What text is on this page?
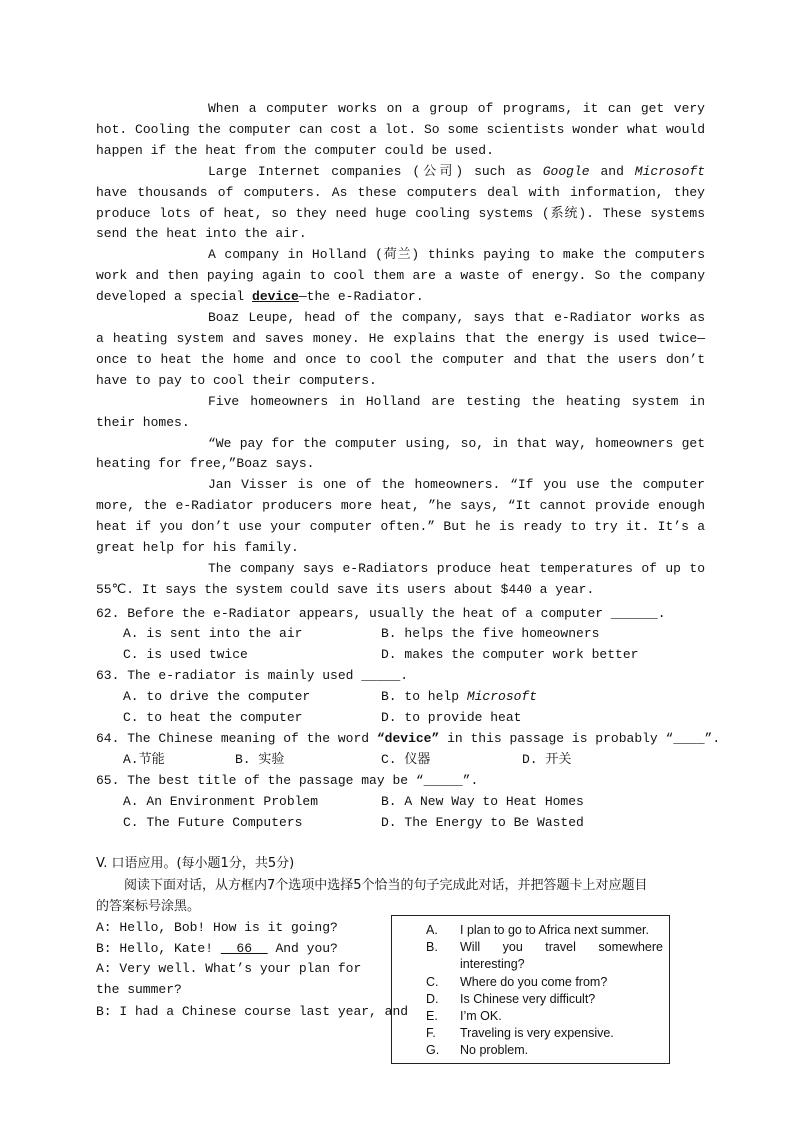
When a computer works on a group of programs, it can get very hot. Cooling the computer can cost a lot. So some scientists wonder what would happen if the heat from the computer could be used.

Large Internet companies (公司) such as Google and Microsoft have thousands of computers. As these computers deal with information, they produce lots of heat, so they need huge cooling systems (系统). These systems send the heat into the air.

A company in Holland (荷兰) thinks paying to make the computers work and then paying again to cool them are a waste of energy. So the company developed a special device—the e-Radiator.

Boaz Leupe, head of the company, says that e-Radiator works as a heating system and saves money. He explains that the energy is used twice— once to heat the home and once to cool the computer and that the users don’t have to pay to cool their computers.

Five homeowners in Holland are testing the heating system in their homes.

“We pay for the computer using, so, in that way, homeowners get heating for free,”Boaz says.

Jan Visser is one of the homeowners. “If you use the computer more, the e-Radiator producers more heat, ”he says, “It cannot provide enough heat if you don’t use your computer often.” But he is ready to try it. It’s a great help for his family.

The company says e-Radiators produce heat temperatures of up to 55℃. It says the system could save its users about $440 a year.

62. Before the e-Radiator appears, usually the heat of a computer ______.
A. is sent into the air	B. helps the five homeowners
C. is used twice	D. makes the computer work better
63. The e-radiator is mainly used _____.
A. to drive the computer	B. to help Microsoft
C. to heat the computer	D. to provide heat
64. The Chinese meaning of the word “device” in this passage is probably “____”.
A.节能	B. 实验	C. 仪器	D. 开关
65. The best title of the passage may be “_____”.
A. An Environment Problem	B. A New Way to Heat Homes
C. The Future Computers	D. The Energy to Be Wasted
V. 口语应用。(每小题1分，共5分)
阅读下面对话，从方框内7个选项中选择5个恰当的句子完成此对话，并把答题卡上对应题目
的答案标号涂黑。
A: Hello, Bob! How is it going?
B: Hello, Kate!   66   And you?
A: Very well. What’s your plan for the summer?
B: I had a Chinese course last year, and
A.	I plan to go to Africa next summer.
B.	Will you travel somewhere interesting?
C.	Where do you come from?
D.	Is Chinese very difficult?
E.	I’m OK.
F.	Traveling is very expensive.
G.	No problem.
